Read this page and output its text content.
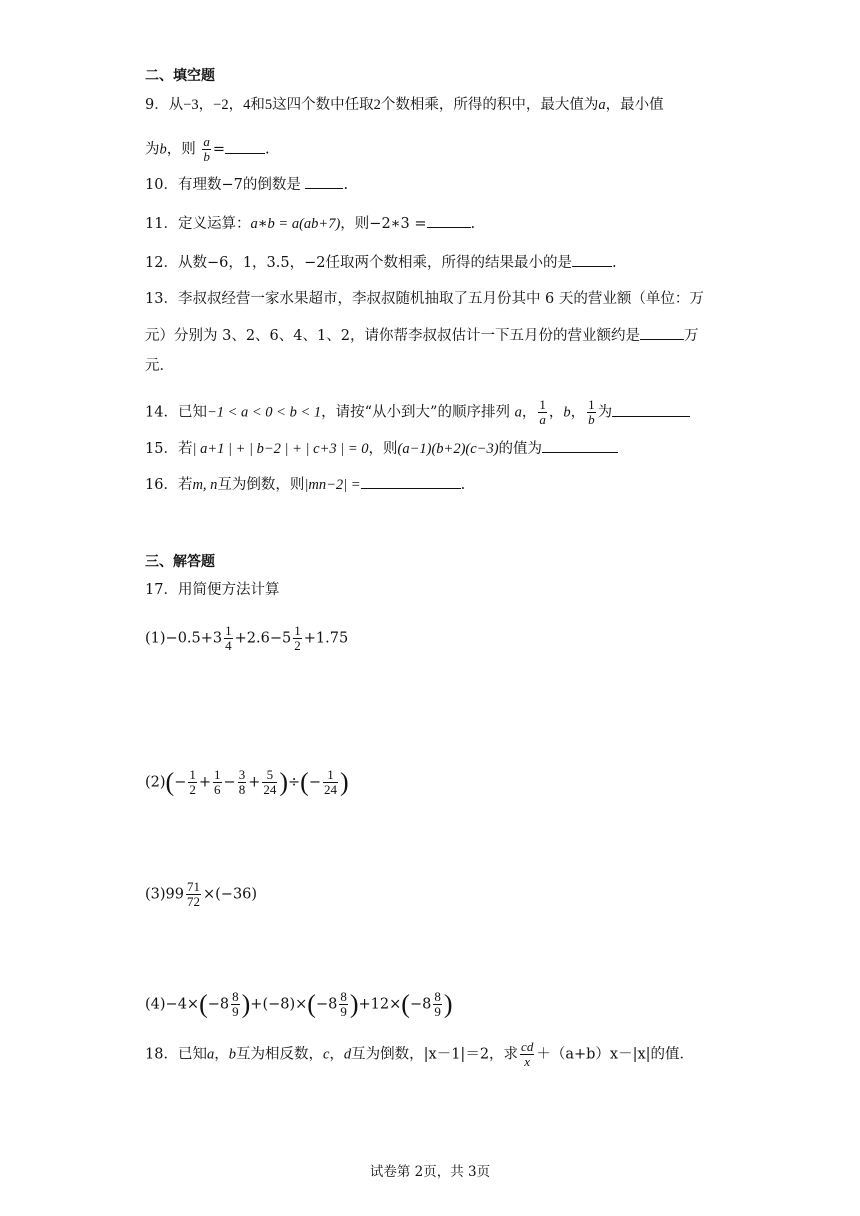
二、填空题
9．从−3，−2，4和5这四个数中任取2个数相乘，所得的积中，最大值为a，最小值
为b，则 $\frac{a}{b}$ =	.
10．有理数−7的倒数是	.
11．定义运算：a∗b = a(ab+7)，则−2∗3 =	.
12．从数−6，1，3.5，−2任取两个数相乘，所得的结果最小的是	.
13．李叔叔经营一家水果超市，李叔叔随机抽取了五月份其中 6 天的营业额（单位：万
元）分别为 3、2、6、4、1、2，请你帮李叔叔估计一下五月份的营业额约是	万
元．
14．已知−1 < a < 0 < b < 1，请按“从小到大”的顺序排列 a， $\frac{1}{a}$ ，b， $\frac{1}{b}$ 为
15．若| a+1 | + | b−2 | + | c+3 | = 0，则(a−1)(b+2)(c−3)的值为
16．若m, n互为倒数，则|mn−2| =	.
三、解答题
17．用简便方法计算
$(1)-0.5+3 \frac{1}{4} +2.6-5 \frac{1}{2} +1.75$
$(2)(- \frac{1}{2} + \frac{1}{6} - \frac{3}{8} + \frac{5}{24}$ )÷(− $\frac{1}{24}$ )
$(3)99 \frac{71}{72} \times(-36)$
$(4)-4\times(-8 \frac{8}{9} )+(-8)\times(-8 \frac{8}{9} )+12\times(-8 \frac{8}{9}$ )
18．已知a，b互为相反数，c，d互为倒数，|x－1|＝2，求 $\frac{cd}{x} +(a+b)x-|x|$的值．
试卷第 2页，共 3页
